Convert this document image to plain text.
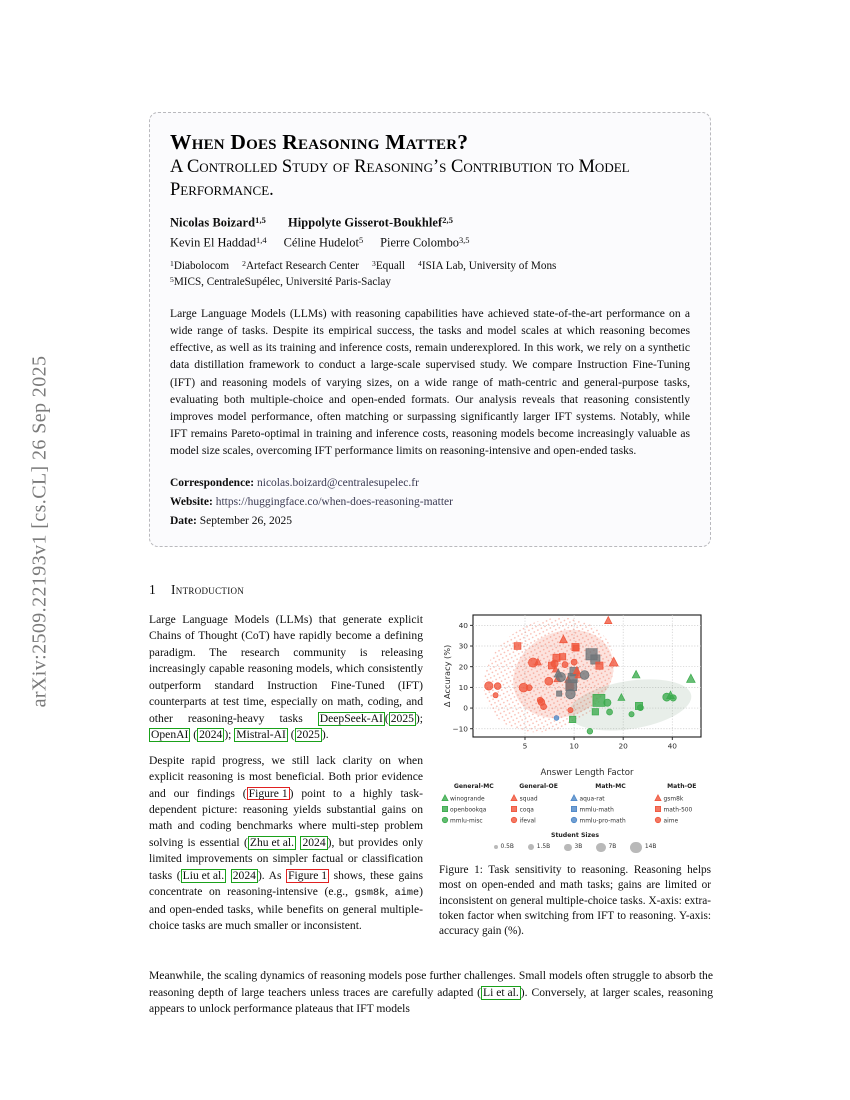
arXiv:2509.22193v1 [cs.CL] 26 Sep 2025
When Does Reasoning Matter?
A Controlled Study of Reasoning’s Contribution to Model Performance.
Nicolas Boizard$^{1,5}$ Hippolyte Gisserot-Boukhlef$^{2,5}$
Kevin El Haddad$^{1,4}$ Céline Hudelot$^5$ Pierre Colombo$^{3,5}$
$^1$Diabolocom $^2$Artefact Research Center $^3$Equall $^4$ISIA Lab, University of Mons
$^5$MICS, CentraleSupélec, Université Paris-Saclay
Large Language Models (LLMs) with reasoning capabilities have achieved state-of-the-art performance on a wide range of tasks. Despite its empirical success, the tasks and model scales at which reasoning becomes effective, as well as its training and inference costs, remain underexplored. In this work, we rely on a synthetic data distillation framework to conduct a large-scale supervised study. We compare Instruction Fine-Tuning (IFT) and reasoning models of varying sizes, on a wide range of math-centric and general-purpose tasks, evaluating both multiple-choice and open-ended formats. Our analysis reveals that reasoning consistently improves model performance, often matching or surpassing significantly larger IFT systems. Notably, while IFT remains Pareto-optimal in training and inference costs, reasoning models become increasingly valuable as model size scales, overcoming IFT performance limits on reasoning-intensive and open-ended tasks.
Correspondence: nicolas.boizard@centralesupelec.fr
Website: https://huggingface.co/when-does-reasoning-matter
Date: September 26, 2025
1 Introduction

Large Language Models (LLMs) that generate explicit Chains of Thought (CoT) have rapidly become a defining paradigm. The research community is releasing increasingly capable reasoning models, which consistently outperform standard Instruction Fine-Tuned (IFT) counterparts at test time, especially on math, coding, and other reasoning-heavy tasks DeepSeek-AI ( 2025 ); OpenAI ( 2024 ); Mistral-AI ( 2025 ).

Despite rapid progress, we still lack clarity on when explicit reasoning is most beneficial. Both prior evidence and our findings ( Figure 1 ) point to a highly task-dependent picture: reasoning yields substantial gains on math and coding benchmarks where multi-step problem solving is essential ( Zhu et al. 2024 ), but provides only limited improvements on simpler factual or classification tasks ( Liu et al. 2024 ). As Figure 1 shows, these gains concentrate on reasoning-intensive (e.g., gsm8k, aime) and open-ended tasks, while benefits on general multiple-choice tasks are much smaller or inconsistent.

5	10	20	40
−10
0
10
20
30
40
Answer Length Factor
Δ Accuracy (%)
General-MC	General-OE	Math-MC	Math-OE
winogrande	squad	aqua-rat	gsm8k
openbookqa	coqa	mmlu-math	math-500
mmlu-misc	ifeval	mmlu-pro-math	aime
Student Sizes
0.5B	1.5B	3B	7B	14B
Figure 1: Task sensitivity to reasoning. Reasoning helps most on open-ended and math tasks; gains are limited or inconsistent on general multiple-choice tasks. X-axis: extra-token factor when switching from IFT to reasoning. Y-axis: accuracy gain (%).

Meanwhile, the scaling dynamics of reasoning models pose further challenges. Small models often struggle to absorb the reasoning depth of large teachers unless traces are carefully adapted ( Li et al. ). Conversely, at larger scales, reasoning appears to unlock performance plateaus that IFT models
